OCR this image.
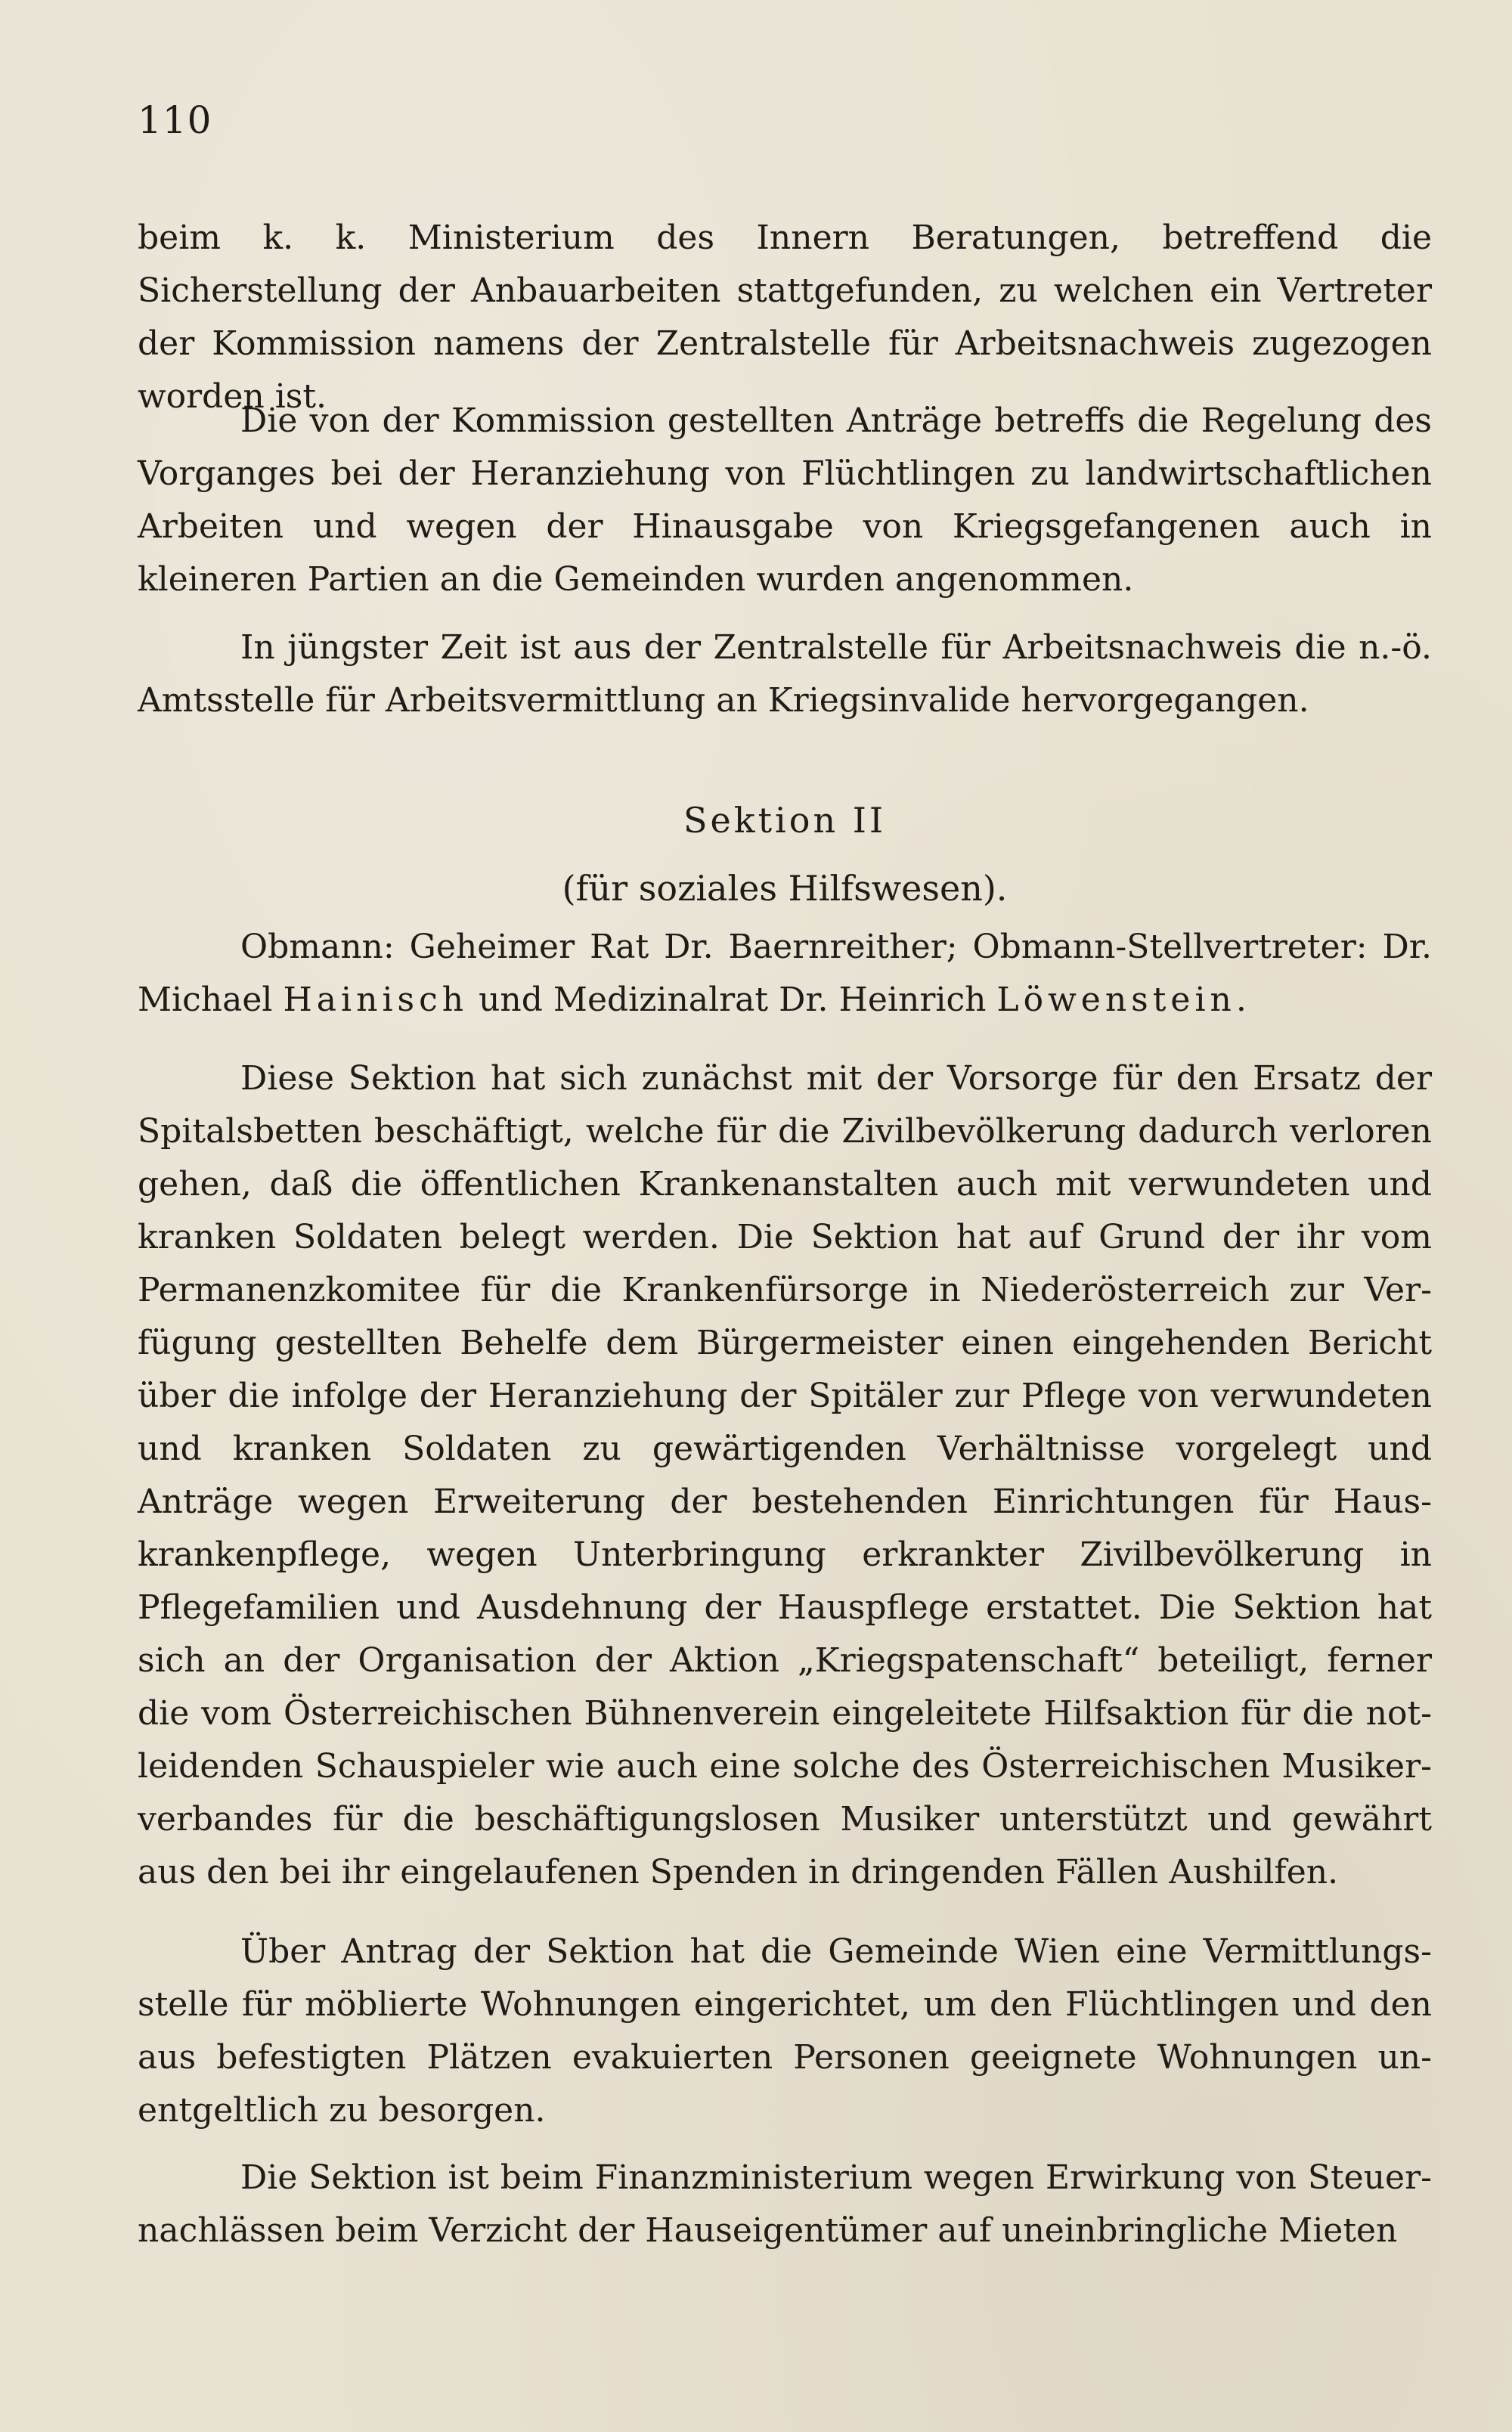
110

beim k. k. Ministerium des Innern Beratungen, betreffend die Sicherstellung der Anbauarbeiten stattgefunden, zu welchen ein Vertreter der Kommission namens der Zentralstelle für Arbeitsnachweis zugezogen worden ist.

Die von der Kommission gestellten Anträge betreffs die Regelung des Vorganges bei der Heranziehung von Flüchtlingen zu landwirtschaftlichen Arbeiten und wegen der Hinausgabe von Kriegsgefangenen auch in kleineren Partien an die Gemeinden wurden angenommen.

In jüngster Zeit ist aus der Zentralstelle für Arbeitsnachweis die n.-ö. Amtsstelle für Arbeitsvermittlung an Kriegsinvalide hervorgegangen.

Sektion II
(für soziales Hilfswesen).

Obmann: Geheimer Rat Dr. Baernreither; Obmann-Stellvertreter: Dr. Michael Hainisch und Medizinalrat Dr. Heinrich Löwenstein.

Diese Sektion hat sich zunächst mit der Vorsorge für den Ersatz der Spitalsbetten beschäftigt, welche für die Zivilbevölkerung dadurch verloren gehen, daß die öffentlichen Krankenanstalten auch mit verwundeten und kranken Soldaten belegt werden. Die Sektion hat auf Grund der ihr vom Permanenzkomitee für die Krankenfürsorge in Niederösterreich zur Verfügung gestellten Behelfe dem Bürgermeister einen eingehenden Bericht über die infolge der Heranziehung der Spitäler zur Pflege von verwundeten und kranken Soldaten zu gewärtigenden Verhältnisse vorgelegt und Anträge wegen Erweiterung der bestehenden Einrichtungen für Hauskrankenpflege, wegen Unterbringung erkrankter Zivilbevölkerung in Pflegefamilien und Ausdehnung der Hauspflege erstattet. Die Sektion hat sich an der Organisation der Aktion „Kriegspatenschaft“ beteiligt, ferner die vom Österreichischen Bühnenverein eingeleitete Hilfsaktion für die notleidenden Schauspieler wie auch eine solche des Österreichischen Musikerverbandes für die beschäftigungslosen Musiker unterstützt und gewährt aus den bei ihr eingelaufenen Spenden in dringenden Fällen Aushilfen.

Über Antrag der Sektion hat die Gemeinde Wien eine Vermittlungsstelle für möblierte Wohnungen eingerichtet, um den Flüchtlingen und den aus befestigten Plätzen evakuierten Personen geeignete Wohnungen unentgeltlich zu besorgen.

Die Sektion ist beim Finanzministerium wegen Erwirkung von Steuernachlässen beim Verzicht der Hauseigentümer auf uneinbringliche Mieten
